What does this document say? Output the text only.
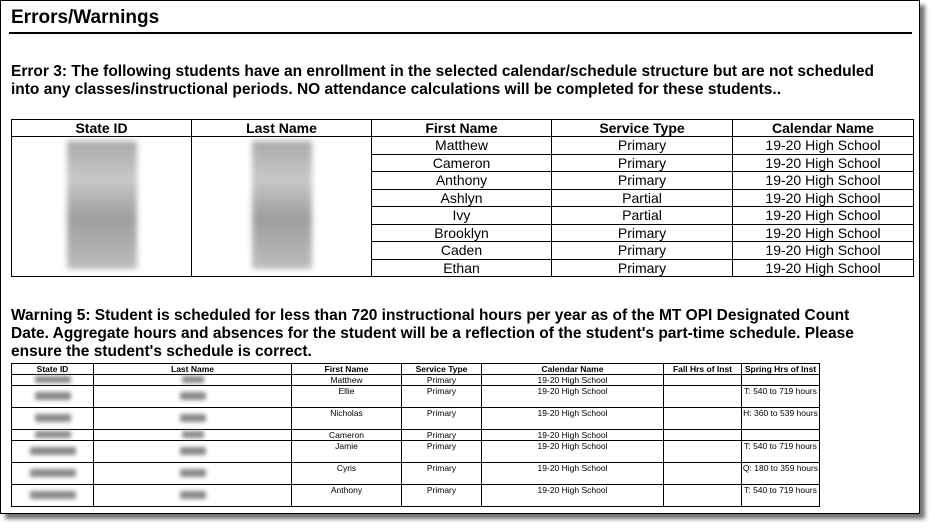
Errors/Warnings
Error 3: The following students have an enrollment in the selected calendar/schedule structure but are not scheduled into any classes/instructional periods. NO attendance calculations will be completed for these students..
State ID	Last Name	First Name	Service Type	Calendar Name
		Matthew	Primary	19-20 High School
		Cameron	Primary	19-20 High School
		Anthony	Primary	19-20 High School
		Ashlyn	Partial	19-20 High School
		Ivy	Partial	19-20 High School
		Brooklyn	Primary	19-20 High School
		Caden	Primary	19-20 High School
		Ethan	Primary	19-20 High School
Warning 5: Student is scheduled for less than 720 instructional hours per year as of the MT OPI Designated Count Date. Aggregate hours and absences for the student will be a reflection of the student's part-time schedule. Please ensure the student's schedule is correct.
State ID	Last Name	First Name	Service Type	Calendar Name	Fall Hrs of Inst	Spring Hrs of Inst
		Matthew	Primary	19-20 High School		
		Ellie	Primary	19-20 High School		T: 540 to 719 hours
		Nicholas	Primary	19-20 High School		H: 360 to 539 hours
		Cameron	Primary	19-20 High School		
		Jamie	Primary	19-20 High School		T: 540 to 719 hours
		Cyris	Primary	19-20 High School		Q: 180 to 359 hours
		Anthony	Primary	19-20 High School		T: 540 to 719 hours
